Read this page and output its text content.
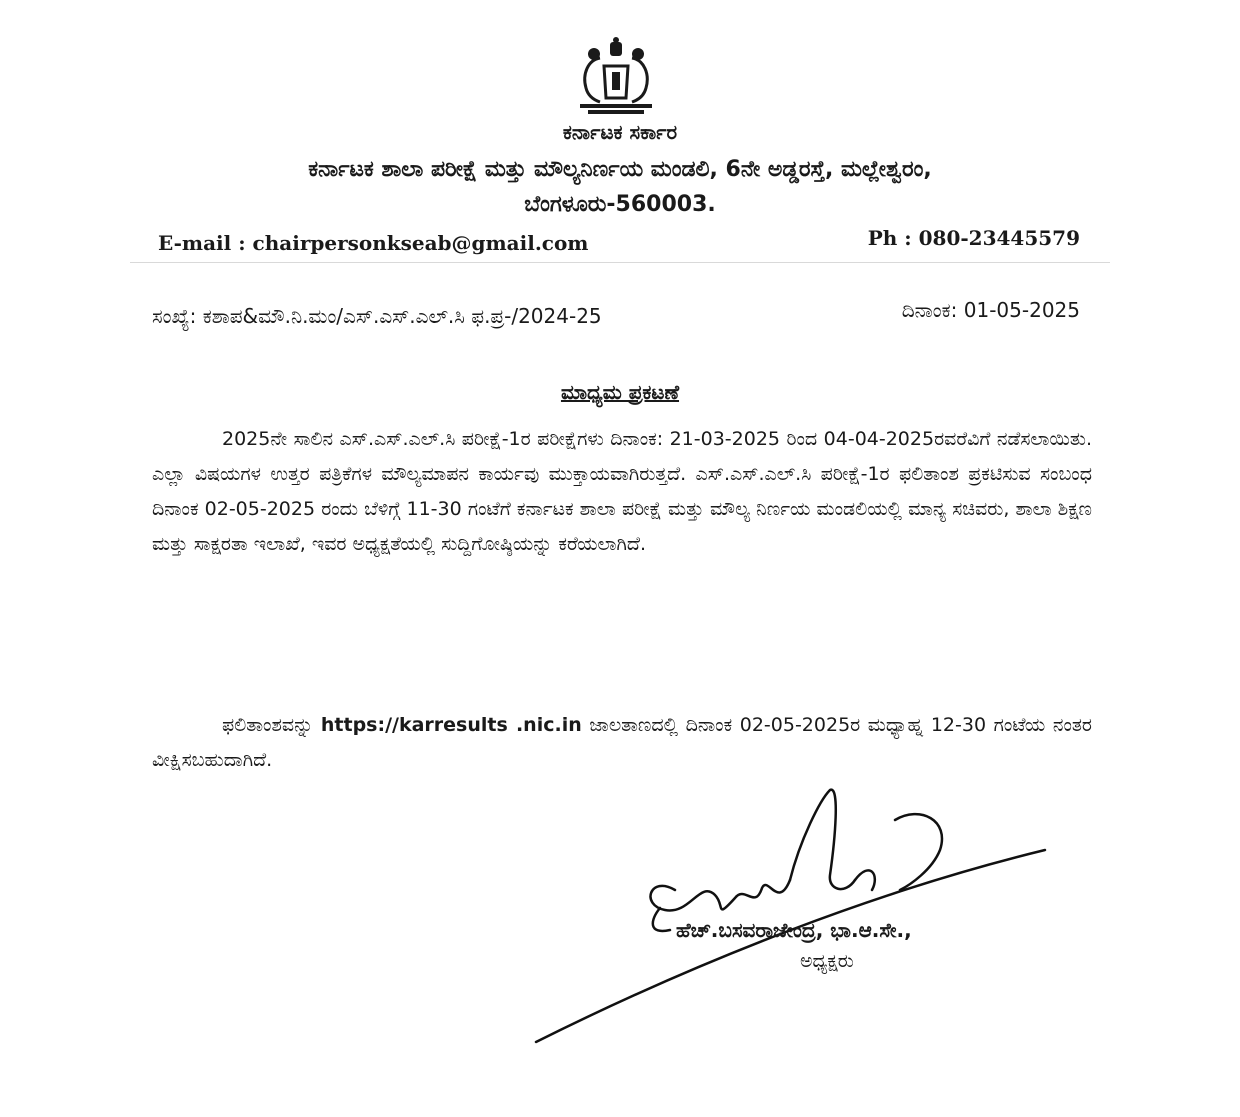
ಕರ್ನಾಟಕ ಸರ್ಕಾರ
ಕರ್ನಾಟಕ ಶಾಲಾ ಪರೀಕ್ಷೆ ಮತ್ತು ಮೌಲ್ಯನಿರ್ಣಯ ಮಂಡಲಿ, 6ನೇ ಅಡ್ಡರಸ್ತೆ, ಮಲ್ಲೇಶ್ವರಂ,
ಬೆಂಗಳೂರು-560003.
E-mail : chairpersonkseab@gmail.com	Ph : 080-23445579
ಸಂಖ್ಯೆ: ಕಶಾಪ&ಮೌ.ನಿ.ಮಂ/ಎಸ್.ಎಸ್.ಎಲ್.ಸಿ ಫ.ಪ್ರ-/2024-25	ದಿನಾಂಕ: 01-05-2025
ಮಾಧ್ಯಮ ಪ್ರಕಟಣೆ
2025ನೇ ಸಾಲಿನ ಎಸ್.ಎಸ್.ಎಲ್.ಸಿ ಪರೀಕ್ಷೆ-1ರ ಪರೀಕ್ಷೆಗಳು ದಿನಾಂಕ: 21-03-2025 ರಿಂದ 04-04-2025ರವರೆವಿಗೆ ನಡೆಸಲಾಯಿತು. ಎಲ್ಲಾ ವಿಷಯಗಳ ಉತ್ತರ ಪತ್ರಿಕೆಗಳ ಮೌಲ್ಯಮಾಪನ ಕಾರ್ಯವು ಮುಕ್ತಾಯವಾಗಿರುತ್ತದೆ. ಎಸ್.ಎಸ್.ಎಲ್.ಸಿ ಪರೀಕ್ಷೆ-1ರ ಫಲಿತಾಂಶ ಪ್ರಕಟಿಸುವ ಸಂಬಂಧ ದಿನಾಂಕ 02-05-2025 ರಂದು ಬೆಳಿಗ್ಗೆ 11-30 ಗಂಟೆಗೆ ಕರ್ನಾಟಕ ಶಾಲಾ ಪರೀಕ್ಷೆ ಮತ್ತು ಮೌಲ್ಯ ನಿರ್ಣಯ ಮಂಡಲಿಯಲ್ಲಿ ಮಾನ್ಯ ಸಚಿವರು, ಶಾಲಾ ಶಿಕ್ಷಣ ಮತ್ತು ಸಾಕ್ಷರತಾ ಇಲಾಖೆ, ಇವರ ಅಧ್ಯಕ್ಷತೆಯಲ್ಲಿ ಸುದ್ದಿಗೋಷ್ಠಿಯನ್ನು ಕರೆಯಲಾಗಿದೆ.
ಫಲಿತಾಂಶವನ್ನು https://karresults .nic.in ಜಾಲತಾಣದಲ್ಲಿ ದಿನಾಂಕ 02-05-2025ರ ಮಧ್ಯಾಹ್ನ 12-30 ಗಂಟೆಯ ನಂತರ ವೀಕ್ಷಿಸಬಹುದಾಗಿದೆ.
ಹೆಚ್.ಬಸವರಾಜೇಂದ್ರ, ಭಾ.ಆ.ಸೇ.,
ಅಧ್ಯಕ್ಷರು
